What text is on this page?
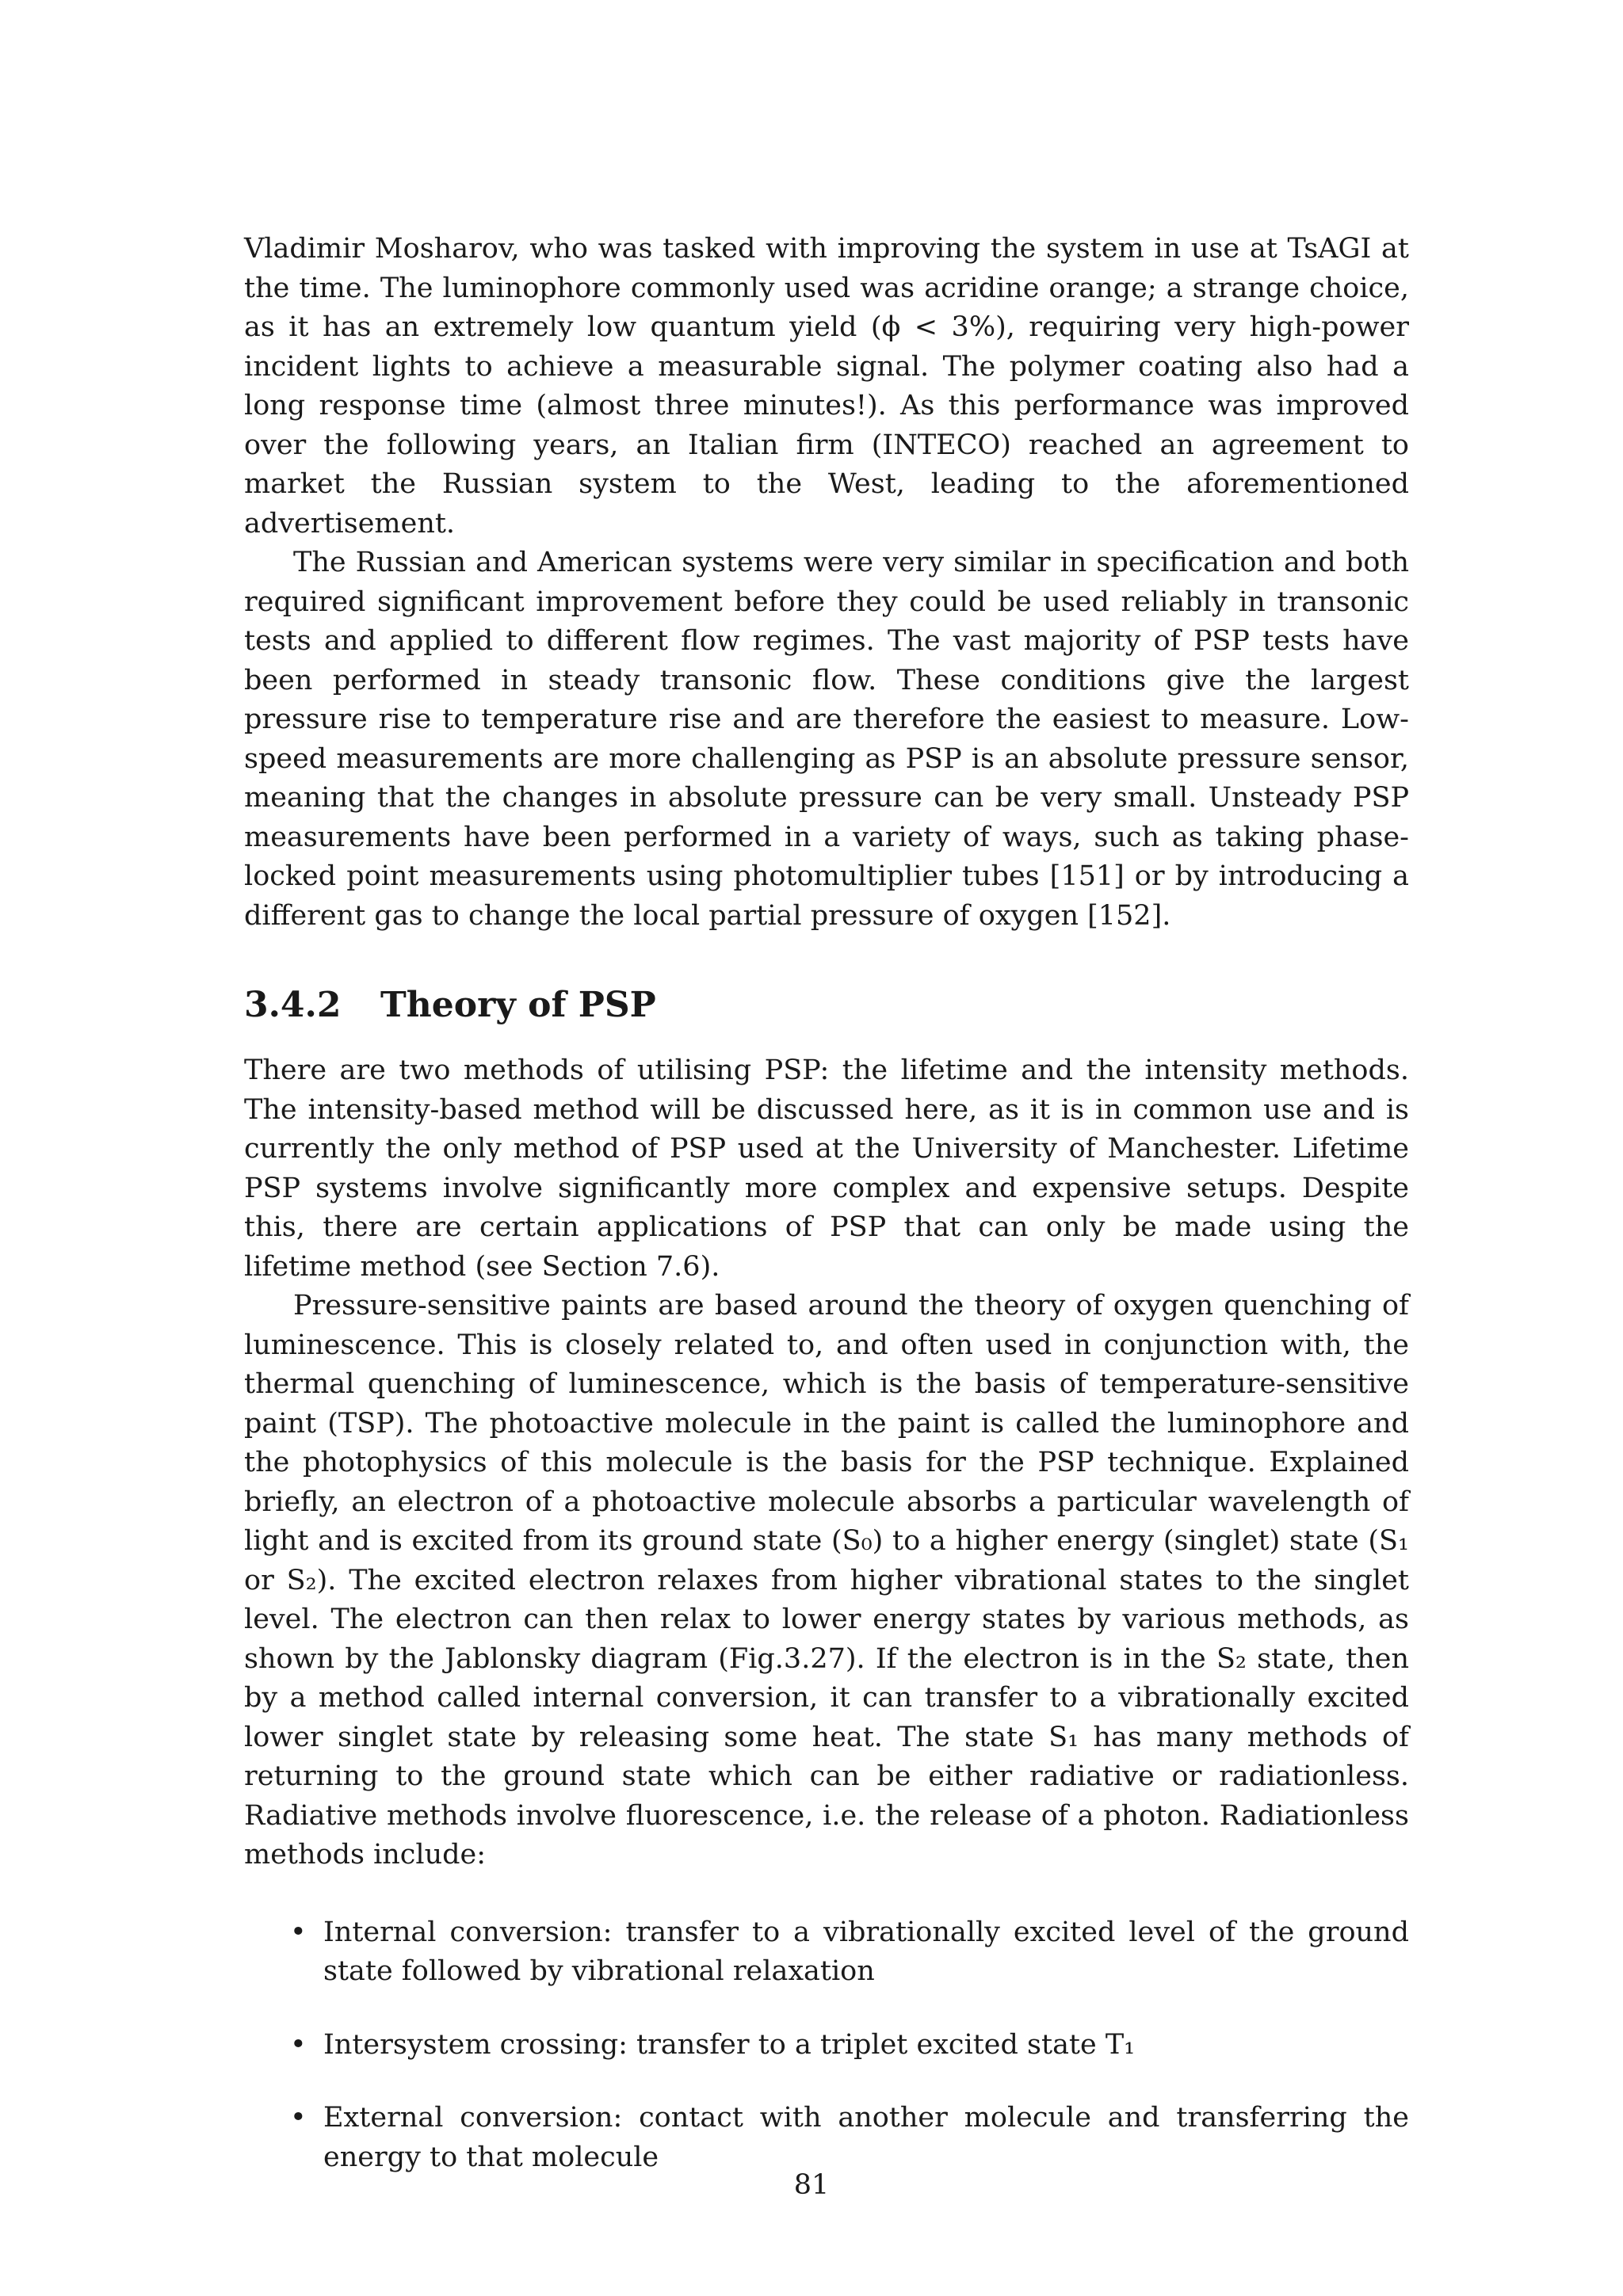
Vladimir Mosharov, who was tasked with improving the system in use at TsAGI at the time. The luminophore commonly used was acridine orange; a strange choice, as it has an extremely low quantum yield (ϕ < 3%), requiring very high-power incident lights to achieve a measurable signal. The polymer coating also had a long response time (almost three minutes!). As this performance was improved over the following years, an Italian firm (INTECO) reached an agreement to market the Russian system to the West, leading to the aforementioned advertisement.

The Russian and American systems were very similar in specification and both required significant improvement before they could be used reliably in transonic tests and applied to different flow regimes. The vast majority of PSP tests have been performed in steady transonic flow. These conditions give the largest pressure rise to temperature rise and are therefore the easiest to measure. Low-speed measurements are more challenging as PSP is an absolute pressure sensor, meaning that the changes in absolute pressure can be very small. Unsteady PSP measurements have been performed in a variety of ways, such as taking phase-locked point measurements using photomultiplier tubes [151] or by introducing a different gas to change the local partial pressure of oxygen [152].

3.4.2 Theory of PSP

There are two methods of utilising PSP: the lifetime and the intensity methods. The intensity-based method will be discussed here, as it is in common use and is currently the only method of PSP used at the University of Manchester. Lifetime PSP systems involve significantly more complex and expensive setups. Despite this, there are certain applications of PSP that can only be made using the lifetime method (see Section 7.6).

Pressure-sensitive paints are based around the theory of oxygen quenching of luminescence. This is closely related to, and often used in conjunction with, the thermal quenching of luminescence, which is the basis of temperature-sensitive paint (TSP). The photoactive molecule in the paint is called the luminophore and the photophysics of this molecule is the basis for the PSP technique. Explained briefly, an electron of a photoactive molecule absorbs a particular wavelength of light and is excited from its ground state (S₀) to a higher energy (singlet) state (S₁ or S₂). The excited electron relaxes from higher vibrational states to the singlet level. The electron can then relax to lower energy states by various methods, as shown by the Jablonsky diagram (Fig.3.27). If the electron is in the S₂ state, then by a method called internal conversion, it can transfer to a vibrationally excited lower singlet state by releasing some heat. The state S₁ has many methods of returning to the ground state which can be either radiative or radiationless. Radiative methods involve fluorescence, i.e. the release of a photon. Radiationless methods include:

• Internal conversion: transfer to a vibrationally excited level of the ground state followed by vibrational relaxation
• Intersystem crossing: transfer to a triplet excited state T₁
• External conversion: contact with another molecule and transferring the energy to that molecule
81
